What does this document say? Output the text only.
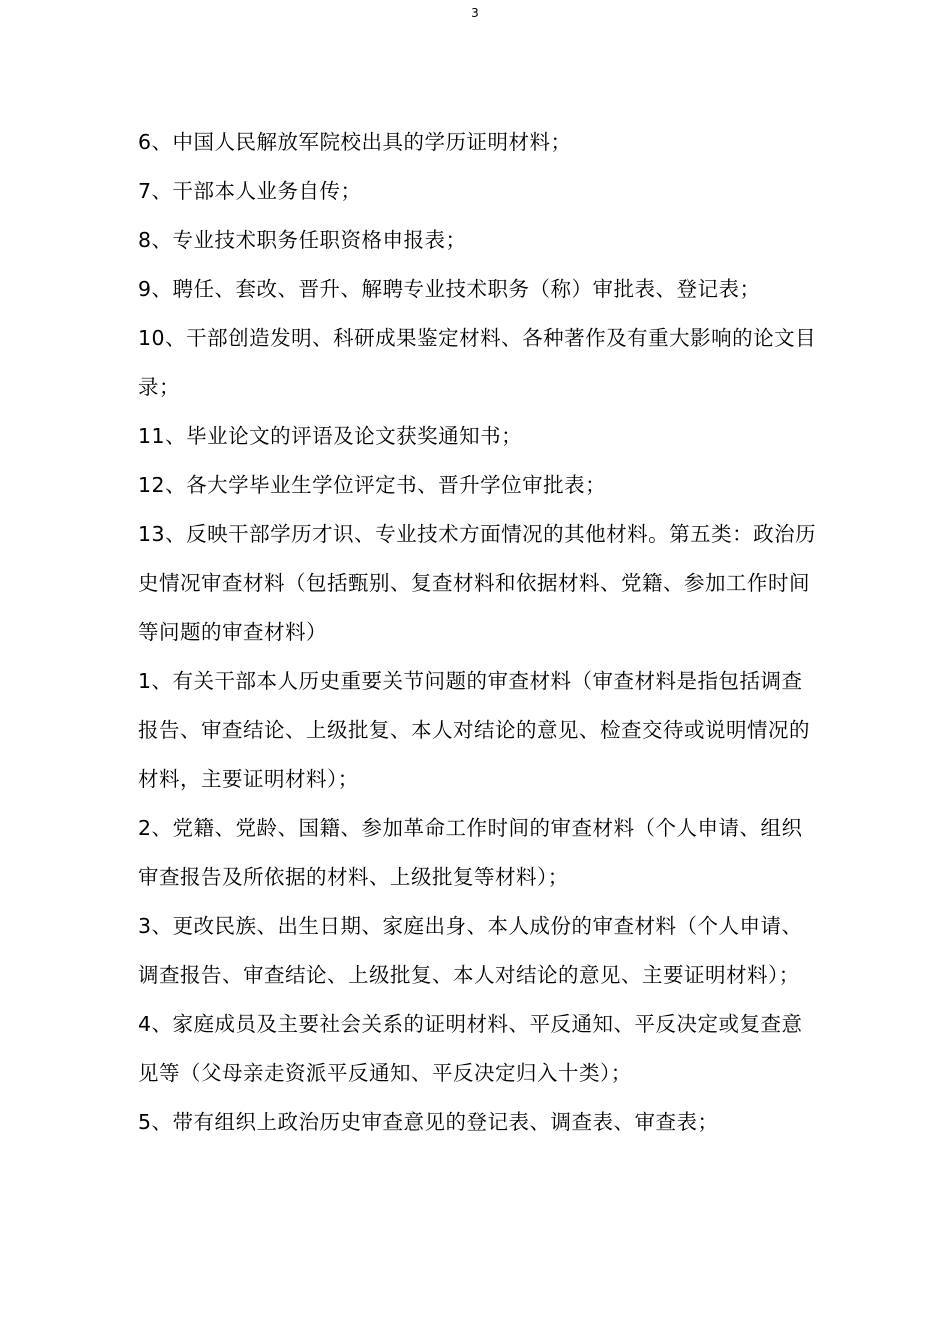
3

6、中国人民解放军院校出具的学历证明材料；

7、干部本人业务自传；

8、专业技术职务任职资格申报表；

9、聘任、套改、晋升、解聘专业技术职务（称）审批表、登记表；

10、干部创造发明、科研成果鉴定材料、各种著作及有重大影响的论文目录；

11、毕业论文的评语及论文获奖通知书；

12、各大学毕业生学位评定书、晋升学位审批表；

13、反映干部学历才识、专业技术方面情况的其他材料。第五类：政治历史情况审查材料（包括甄别、复查材料和依据材料、党籍、参加工作时间等问题的审查材料）

1、有关干部本人历史重要关节问题的审查材料（审查材料是指包括调查报告、审查结论、上级批复、本人对结论的意见、检查交待或说明情况的材料，主要证明材料）；

2、党籍、党龄、国籍、参加革命工作时间的审查材料（个人申请、组织审查报告及所依据的材料、上级批复等材料）；

3、更改民族、出生日期、家庭出身、本人成份的审查材料（个人申请、调查报告、审查结论、上级批复、本人对结论的意见、主要证明材料）；

4、家庭成员及主要社会关系的证明材料、平反通知、平反决定或复查意见等（父母亲走资派平反通知、平反决定归入十类）；

5、带有组织上政治历史审查意见的登记表、调查表、审查表；
